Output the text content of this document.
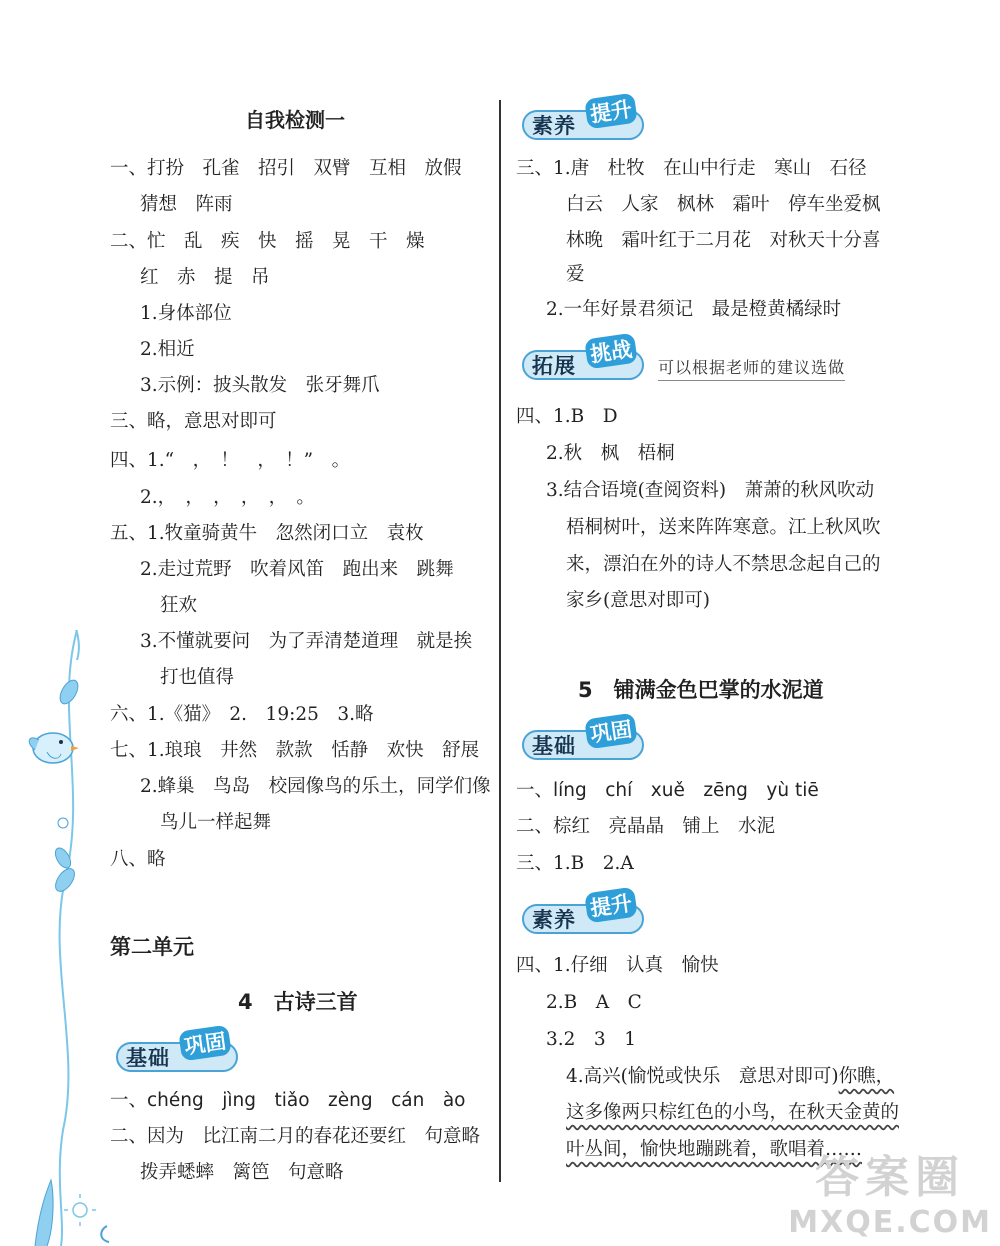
自我检测一
一、打扮　孔雀　招引　双臂　互相　放假
猜想　阵雨
二、忙　乱　疾　快　摇　晃　干　燥
红　赤　提　吊
1.身体部位
2.相近
3.示例：披头散发　张牙舞爪
三、略，意思对即可
四、1.“　，　！　，　！”　。
2.，　，　，　，　，　。
五、1.牧童骑黄牛　忽然闭口立　袁枚
2.走过荒野　吹着风笛　跑出来　跳舞
狂欢
3.不懂就要问　为了弄清楚道理　就是挨
打也值得
六、1.《猫》　2.　19:25　3.略
七、1.琅琅　井然　款款　恬静　欢快　舒展
2.蜂巢　鸟岛　校园像鸟的乐土，同学们像
鸟儿一样起舞
八、略
第二单元
4　古诗三首
基础 巩固
一、chéng　jìng　tiǎo　zèng　cán　ào
二、因为　比江南二月的春花还要红　句意略
拨弄蟋蟀　篱笆　句意略
素养 提升
三、1.唐　杜牧　在山中行走　寒山　石径
白云　人家　枫林　霜叶　停车坐爱枫
林晚　霜叶红于二月花　对秋天十分喜
爱
2.一年好景君须记　最是橙黄橘绿时
拓展 挑战
可以根据老师的建议选做
四、1.B　D
2.秋　枫　梧桐
3.结合语境(查阅资料)　萧萧的秋风吹动
梧桐树叶，送来阵阵寒意。江上秋风吹
来，漂泊在外的诗人不禁思念起自己的
家乡(意思对即可)
5　铺满金色巴掌的水泥道
基础 巩固
一、líng　chí　xuě　zēng　yù tiē
二、棕红　亮晶晶　铺上　水泥
三、1.B　2.A
素养 提升
四、1.仔细　认真　愉快
2.B　A　C
3.2　3　1
4.高兴(愉悦或快乐　意思对即可)你瞧，
这多像两只棕红色的小鸟，在秋天金黄的
叶丛间，愉快地蹦跳着，歌唱着……
答案圈
MXQE.COM
